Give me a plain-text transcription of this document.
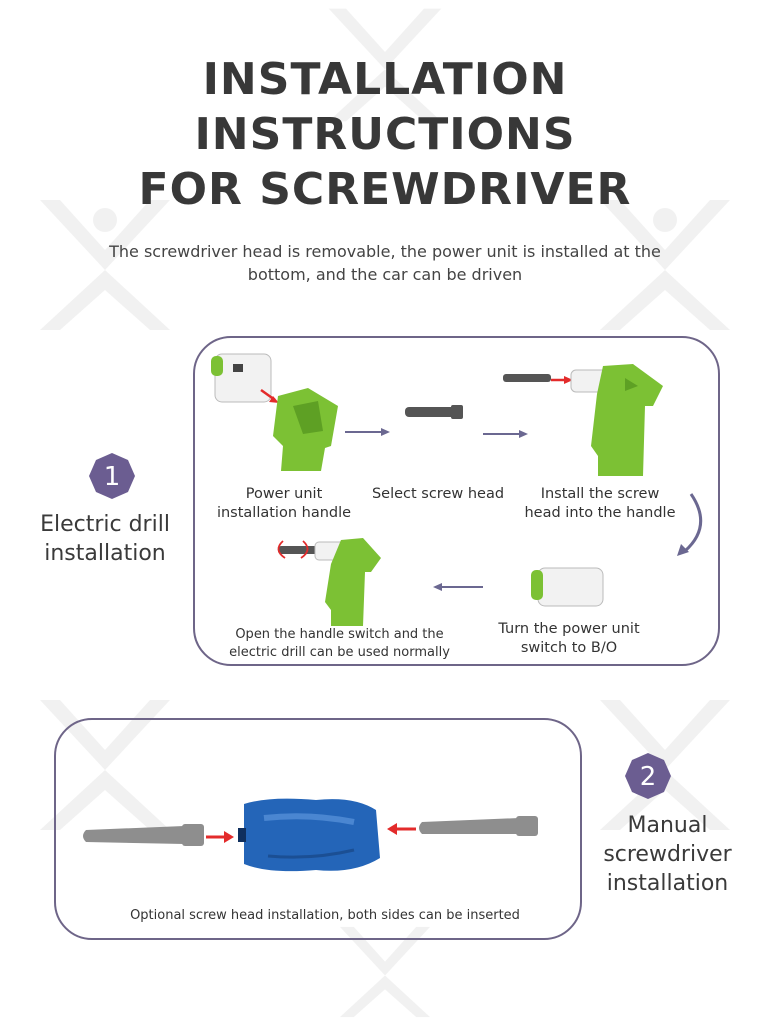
INSTALLATION
INSTRUCTIONS
FOR SCREWDRIVER
The screwdriver head is removable, the power unit is installed at the bottom, and the car can be driven
1
Electric drill
installation
Power unit
installation handle
Select screw head	Install the screw
head into the handle
Turn the power unit
switch to B/O
Open the handle switch and the
electric drill can be used normally
Optional screw head installation, both sides can be inserted
2
Manual
screwdriver
installation
